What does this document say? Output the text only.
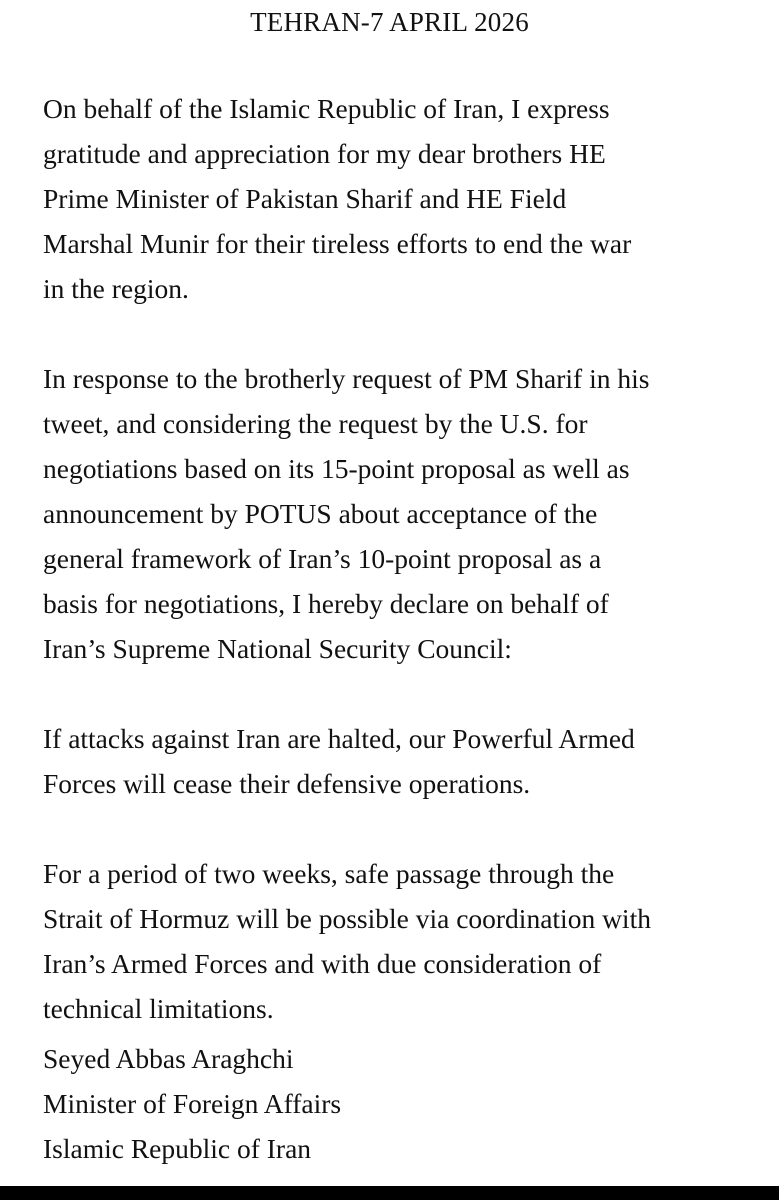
TEHRAN-7 APRIL 2026

On behalf of the Islamic Republic of Iran, I express
gratitude and appreciation for my dear brothers HE
Prime Minister of Pakistan Sharif and HE Field
Marshal Munir for their tireless efforts to end the war
in the region.

In response to the brotherly request of PM Sharif in his
tweet, and considering the request by the U.S. for
negotiations based on its 15-point proposal as well as
announcement by POTUS about acceptance of the
general framework of Iran’s 10-point proposal as a
basis for negotiations, I hereby declare on behalf of
Iran’s Supreme National Security Council:

If attacks against Iran are halted, our Powerful Armed
Forces will cease their defensive operations.

For a period of two weeks, safe passage through the
Strait of Hormuz will be possible via coordination with
Iran’s Armed Forces and with due consideration of
technical limitations.

Seyed Abbas Araghchi
Minister of Foreign Affairs
Islamic Republic of Iran
